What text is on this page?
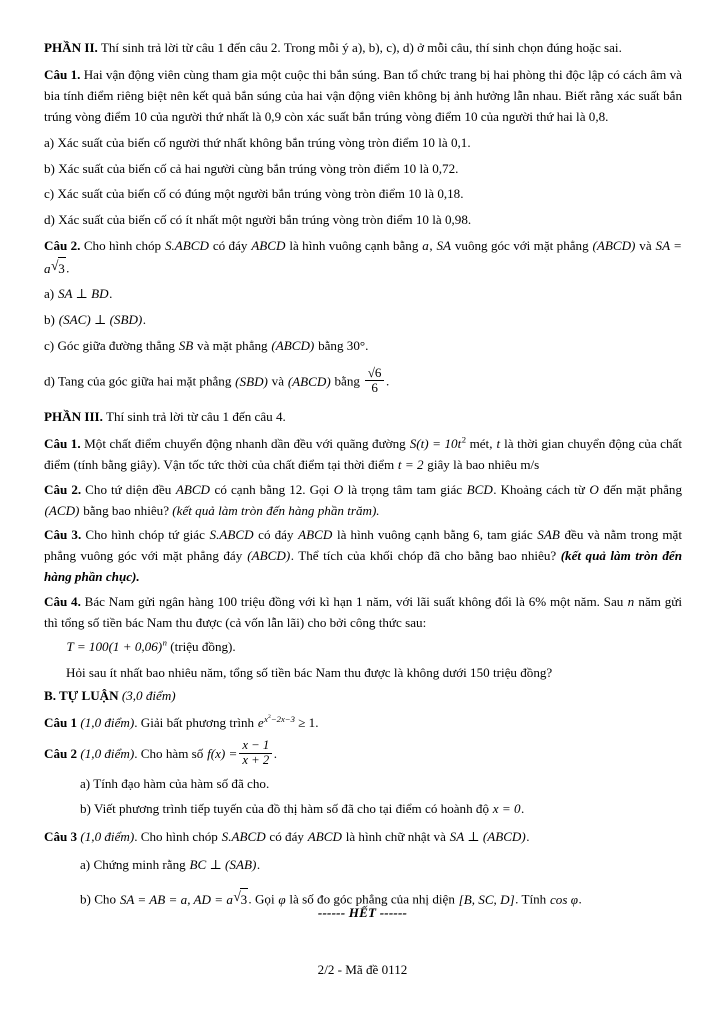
PHẦN II. Thí sinh trả lời từ câu 1 đến câu 2. Trong mỗi ý a), b), c), d) ở mỗi câu, thí sinh chọn đúng hoặc sai.

Câu 1. Hai vận động viên cùng tham gia một cuộc thi bắn súng. Ban tổ chức trang bị hai phòng thi độc lập có cách âm và bia tính điểm riêng biệt nên kết quả bắn súng của hai vận động viên không bị ảnh hưởng lẫn nhau. Biết rằng xác suất bắn trúng vòng điểm 10 của người thứ nhất là 0,9 còn xác suất bắn trúng vòng điểm 10 của người thứ hai là 0,8.

a) Xác suất của biến cố người thứ nhất không bắn trúng vòng tròn điểm 10 là 0,1.

b) Xác suất của biến cố cả hai người cùng bắn trúng vòng tròn điểm 10 là 0,72.

c) Xác suất của biến cố có đúng một người bắn trúng vòng tròn điểm 10 là 0,18.

d) Xác suất của biến cố có ít nhất một người bắn trúng vòng tròn điểm 10 là 0,98.

Câu 2. Cho hình chóp S.ABCD có đáy ABCD là hình vuông cạnh bằng a, SA vuông góc với mặt phẳng (ABCD) và SA = a √ 3.

a) SA ⊥ BD.

b) (SAC) ⊥ (SBD).

c) Góc giữa đường thẳng SB và mặt phẳng (ABCD) bằng 30°.

d) Tang của góc giữa hai mặt phẳng (SBD) và (ABCD) bằng $\frac{√6}{6}$ .

PHẦN III. Thí sinh trả lời từ câu 1 đến câu 4.

Câu 1. Một chất điểm chuyển động nhanh dần đều với quãng đường $S(t) = 10t^2$ mét, t là thời gian chuyển động của chất điểm (tính bằng giây). Vận tốc tức thời của chất điểm tại thời điểm t = 2 giây là bao nhiêu m/s

Câu 2. Cho tứ diện đều ABCD có cạnh bằng 12. Gọi O là trọng tâm tam giác BCD. Khoảng cách từ O đến mặt phẳng (ACD) bằng bao nhiêu? (kết quả làm tròn đến hàng phần trăm).

Câu 3. Cho hình chóp tứ giác S.ABCD có đáy ABCD là hình vuông cạnh bằng 6, tam giác SAB đều và nằm trong mặt phẳng vuông góc với mặt phẳng đáy (ABCD). Thể tích của khối chóp đã cho bằng bao nhiêu? (kết quả làm tròn đến hàng phần chục).

Câu 4. Bác Nam gửi ngân hàng 100 triệu đồng với kì hạn 1 năm, với lãi suất không đổi là 6% một năm. Sau n năm gửi thì tổng số tiền bác Nam thu được (cả vốn lẫn lãi) cho bởi công thức sau:

$T = 100(1 + 0,06)^n$ (triệu đồng).

Hỏi sau ít nhất bao nhiêu năm, tổng số tiền bác Nam thu được là không dưới 150 triệu đồng?

B. TỰ LUẬN (3,0 điểm)

Câu 1 (1,0 điểm). Giải bất phương trình $e^{x^2-2x-3} \ge 1$.

Câu 2 (1,0 điểm). Cho hàm số $f(x) = \frac{x - 1}{x + 2}$ .

a) Tính đạo hàm của hàm số đã cho.

b) Viết phương trình tiếp tuyến của đồ thị hàm số đã cho tại điểm có hoành độ x = 0.

Câu 3 (1,0 điểm). Cho hình chóp S.ABCD có đáy ABCD là hình chữ nhật và SA ⊥ (ABCD).

a) Chứng minh rằng BC ⊥ (SAB).

b) Cho SA = AB = a, AD = a √ 3. Gọi φ là số đo góc phẳng của nhị diện [B, SC, D]. Tính cos φ.

------ HẾT ------

2/2 - Mã đề 0112
